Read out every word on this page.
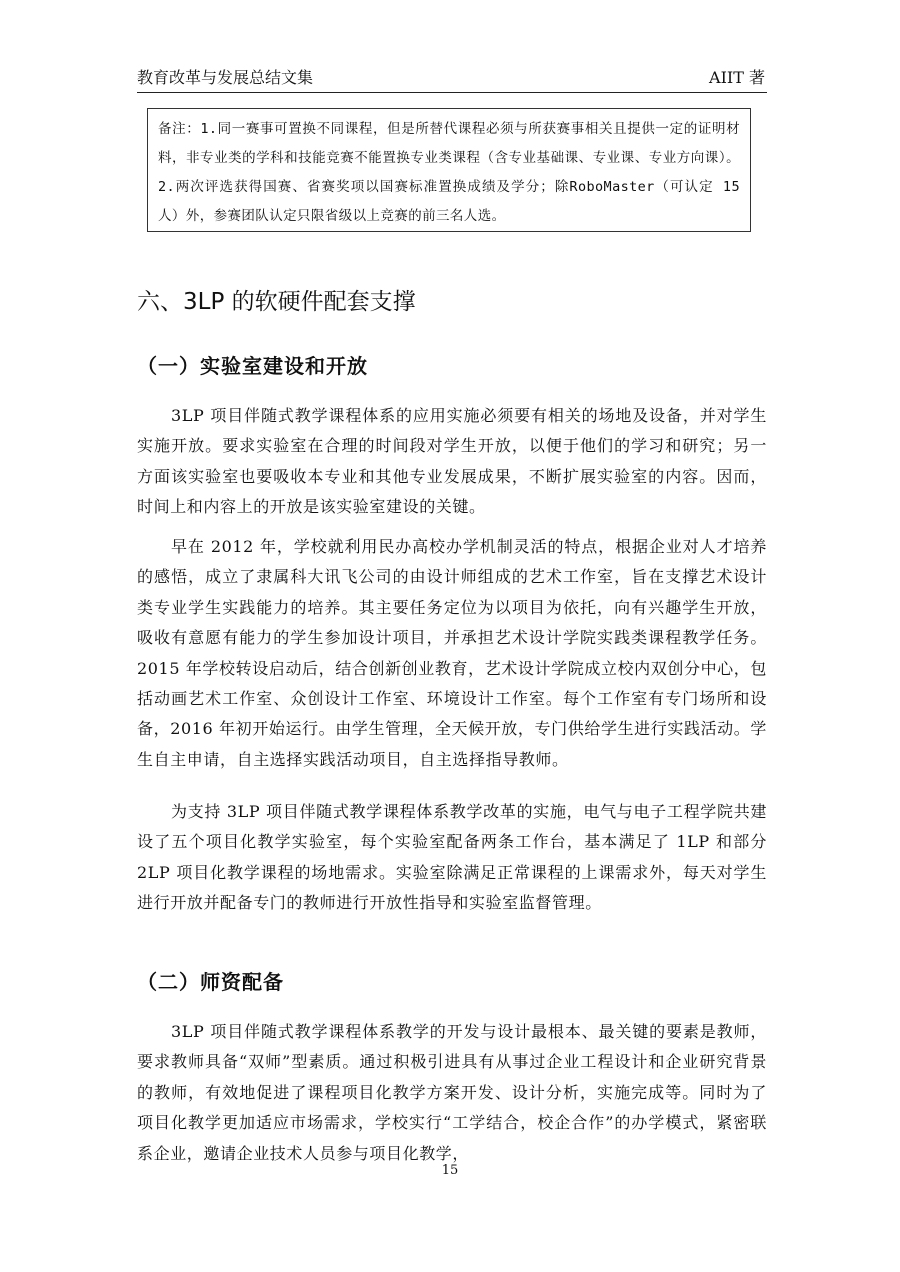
教育改革与发展总结文集	AIIT 著

备注：1.同一赛事可置换不同课程，但是所替代课程必须与所获赛事相关且提供一定的证明材料，非专业类的学科和技能竞赛不能置换专业类课程（含专业基础课、专业课、专业方向课）。2.两次评选获得国赛、省赛奖项以国赛标准置换成绩及学分；除RoboMaster（可认定 15 人）外，参赛团队认定只限省级以上竞赛的前三名人选。

六、3LP 的软硬件配套支撑
（一）实验室建设和开放

3LP 项目伴随式教学课程体系的应用实施必须要有相关的场地及设备，并对学生实施开放。要求实验室在合理的时间段对学生开放，以便于他们的学习和研究；另一方面该实验室也要吸收本专业和其他专业发展成果，不断扩展实验室的内容。因而，时间上和内容上的开放是该实验室建设的关键。

早在 2012 年，学校就利用民办高校办学机制灵活的特点，根据企业对人才培养的感悟，成立了隶属科大讯飞公司的由设计师组成的艺术工作室，旨在支撑艺术设计类专业学生实践能力的培养。其主要任务定位为以项目为依托，向有兴趣学生开放，吸收有意愿有能力的学生参加设计项目，并承担艺术设计学院实践类课程教学任务。2015 年学校转设启动后，结合创新创业教育，艺术设计学院成立校内双创分中心，包括动画艺术工作室、众创设计工作室、环境设计工作室。每个工作室有专门场所和设备，2016 年初开始运行。由学生管理，全天候开放，专门供给学生进行实践活动。学生自主申请，自主选择实践活动项目，自主选择指导教师。

为支持 3LP 项目伴随式教学课程体系教学改革的实施，电气与电子工程学院共建设了五个项目化教学实验室，每个实验室配备两条工作台，基本满足了 1LP 和部分 2LP 项目化教学课程的场地需求。实验室除满足正常课程的上课需求外，每天对学生进行开放并配备专门的教师进行开放性指导和实验室监督管理。

（二）师资配备

3LP 项目伴随式教学课程体系教学的开发与设计最根本、最关键的要素是教师，要求教师具备“双师”型素质。通过积极引进具有从事过企业工程设计和企业研究背景的教师，有效地促进了课程项目化教学方案开发、设计分析，实施完成等。同时为了项目化教学更加适应市场需求，学校实行“工学结合，校企合作”的办学模式，紧密联系企业，邀请企业技术人员参与项目化教学，

15
